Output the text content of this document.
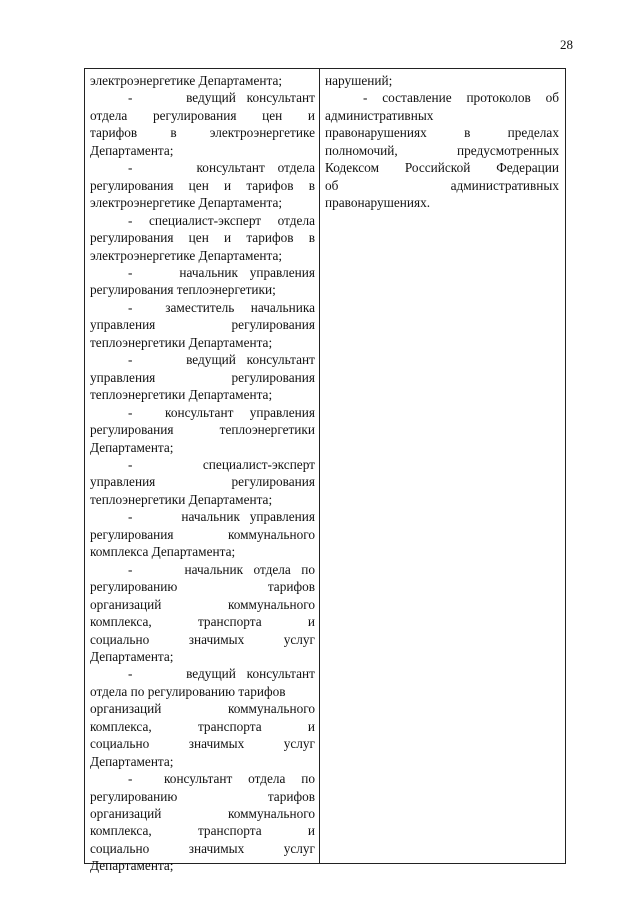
28
электроэнергетике Департамента;
-     ведущий консультант
отдела регулирования цен и
тарифов в электроэнергетике
Департамента;
-     консультант отдела
регулирования цен и тарифов в
электроэнергетике Департамента;
- специалист-эксперт отдела
регулирования цен и тарифов в
электроэнергетике Департамента;
-    начальник управления
регулирования теплоэнергетики;
-  заместитель начальника
управления регулирования
теплоэнергетики Департамента;
-     ведущий консультант
управления регулирования
теплоэнергетики Департамента;
-  консультант управления
регулирования теплоэнергетики
Департамента;
-            специалист-эксперт
управления регулирования
теплоэнергетики Департамента;
-     начальник управления
регулирования коммунального
комплекса Департамента;
-     начальник отдела по
регулированию тарифов
организаций коммунального
комплекса, транспорта и
социально значимых услуг
Департамента;
-     ведущий консультант
отдела по регулированию тарифов
организаций коммунального
комплекса, транспорта и
социально значимых услуг
Департамента;
-  консультант отдела по
регулированию тарифов
организаций коммунального
комплекса, транспорта и
социально значимых услуг
Департамента;
нарушений;
- составление протоколов об
административных
правонарушениях в пределах
полномочий, предусмотренных
Кодексом Российской Федерации
об административных
правонарушениях.
